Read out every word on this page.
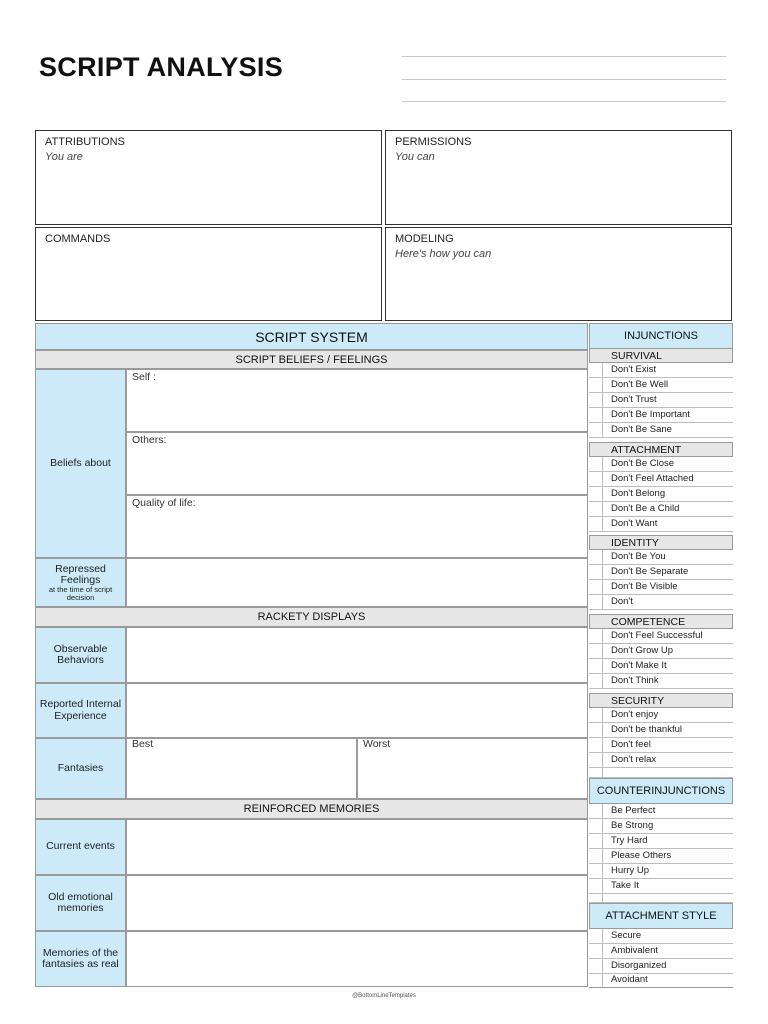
SCRIPT ANALYSIS
ATTRIBUTIONS
You are
PERMISSIONS
You can
COMMANDS	MODELING
Here's how you can
SCRIPT SYSTEM
SCRIPT BELIEFS / FEELINGS
Beliefs about
Self :
Others:
Quality of life:
Repressed Feelings
at the time of script decision
RACKETY DISPLAYS
Observable Behaviors
Reported Internal Experience
Fantasies
Best	Worst
REINFORCED MEMORIES
Current events
Old emotional memories
Memories of the fantasies as real
INJUNCTIONS
SURVIVAL
Don't Exist
Don't Be Well
Don't Trust
Don't Be Important
Don't Be Sane
ATTACHMENT
Don't Be Close
Don't Feel Attached
Don't Belong
Don't Be a Child
Don't Want
IDENTITY
Don't Be You
Don't Be Separate
Don't Be Visible
Don't
COMPETENCE
Don't Feel Successful
Don't Grow Up
Don't Make It
Don't Think
SECURITY
Don't enjoy
Don't be thankful
Don't feel
Don't relax
COUNTERINJUNCTIONS
Be Perfect
Be Strong
Try Hard
Please Others
Hurry Up
Take It
ATTACHMENT STYLE
Secure
Ambivalent
Disorganized
Avoidant
@BottomLineTemplates
